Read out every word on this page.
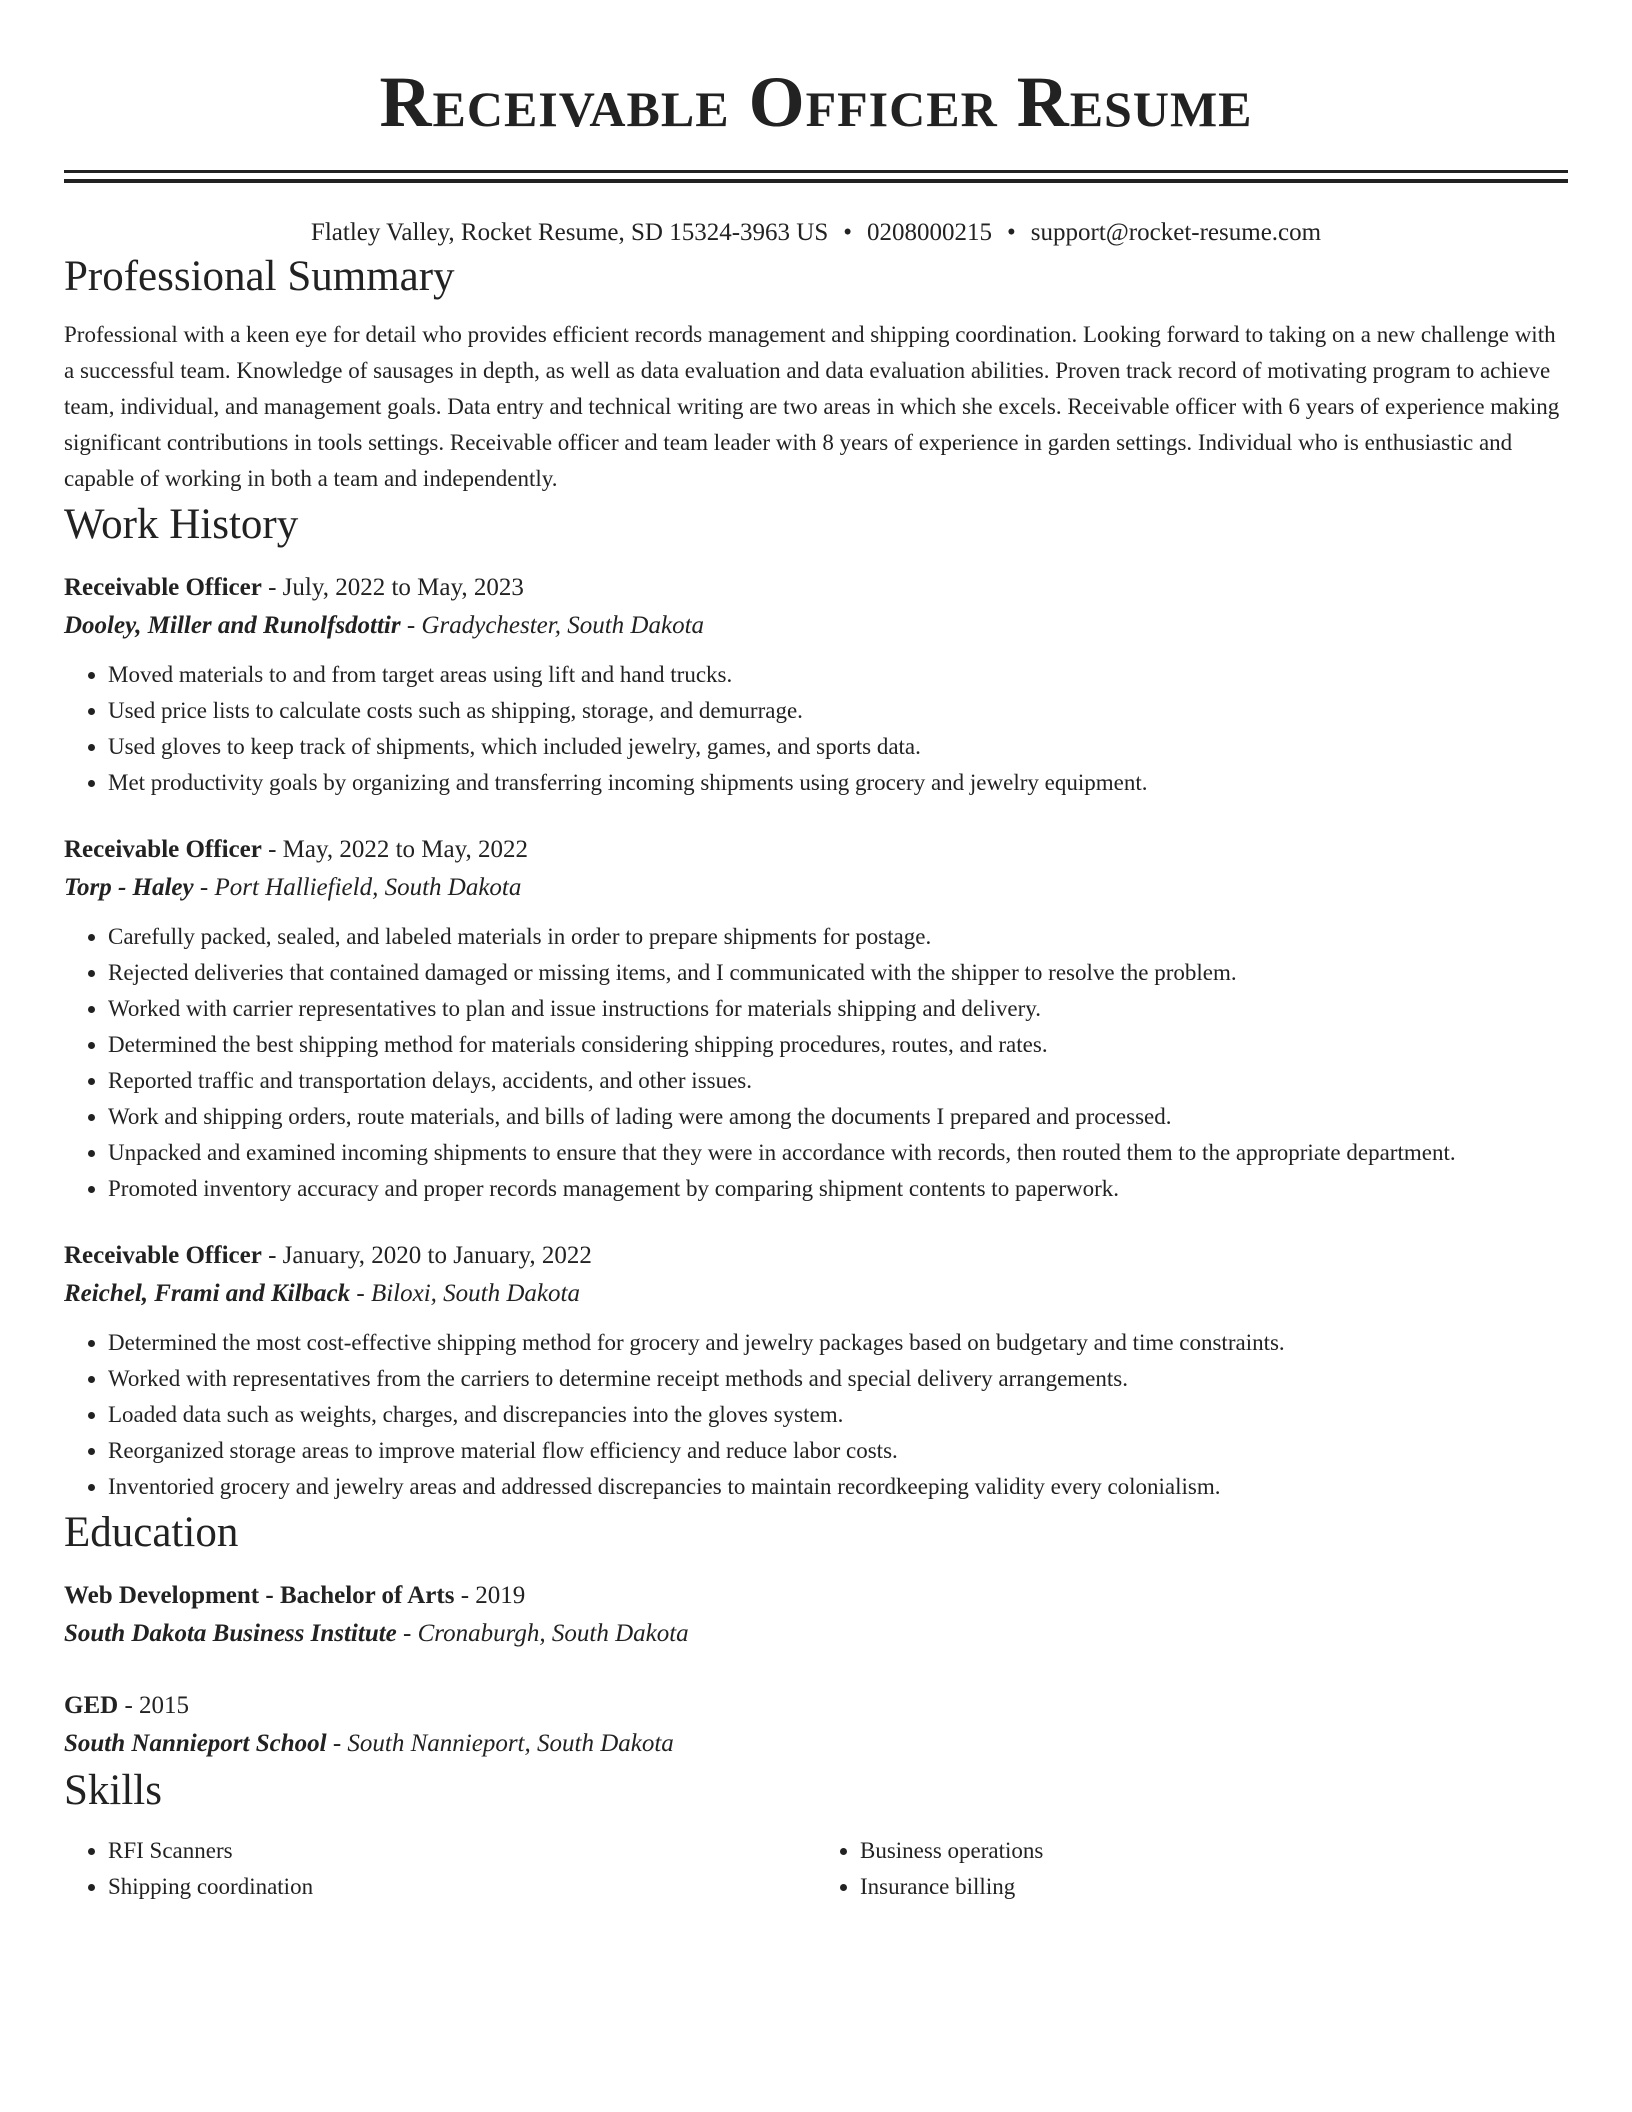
Receivable Officer Resume
Flatley Valley, Rocket Resume, SD 15324-3963 US • 0208000215 • support@rocket-resume.com
Professional Summary
Professional with a keen eye for detail who provides efficient records management and shipping coordination. Looking forward to taking on a new challenge with a successful team. Knowledge of sausages in depth, as well as data evaluation and data evaluation abilities. Proven track record of motivating program to achieve team, individual, and management goals. Data entry and technical writing are two areas in which she excels. Receivable officer with 6 years of experience making significant contributions in tools settings. Receivable officer and team leader with 8 years of experience in garden settings. Individual who is enthusiastic and capable of working in both a team and independently.
Work History
Receivable Officer - July, 2022 to May, 2023
Dooley, Miller and Runolfsdottir - Gradychester, South Dakota
• Moved materials to and from target areas using lift and hand trucks.
• Used price lists to calculate costs such as shipping, storage, and demurrage.
• Used gloves to keep track of shipments, which included jewelry, games, and sports data.
• Met productivity goals by organizing and transferring incoming shipments using grocery and jewelry equipment.
Receivable Officer - May, 2022 to May, 2022
Torp - Haley - Port Halliefield, South Dakota
• Carefully packed, sealed, and labeled materials in order to prepare shipments for postage.
• Rejected deliveries that contained damaged or missing items, and I communicated with the shipper to resolve the problem.
• Worked with carrier representatives to plan and issue instructions for materials shipping and delivery.
• Determined the best shipping method for materials considering shipping procedures, routes, and rates.
• Reported traffic and transportation delays, accidents, and other issues.
• Work and shipping orders, route materials, and bills of lading were among the documents I prepared and processed.
• Unpacked and examined incoming shipments to ensure that they were in accordance with records, then routed them to the appropriate department.
• Promoted inventory accuracy and proper records management by comparing shipment contents to paperwork.
Receivable Officer - January, 2020 to January, 2022
Reichel, Frami and Kilback - Biloxi, South Dakota
• Determined the most cost-effective shipping method for grocery and jewelry packages based on budgetary and time constraints.
• Worked with representatives from the carriers to determine receipt methods and special delivery arrangements.
• Loaded data such as weights, charges, and discrepancies into the gloves system.
• Reorganized storage areas to improve material flow efficiency and reduce labor costs.
• Inventoried grocery and jewelry areas and addressed discrepancies to maintain recordkeeping validity every colonialism.
Education
Web Development - Bachelor of Arts - 2019
South Dakota Business Institute - Cronaburgh, South Dakota
GED - 2015
South Nannieport School - South Nannieport, South Dakota
Skills
• RFI Scanners
• Shipping coordination
• Business operations
• Insurance billing
